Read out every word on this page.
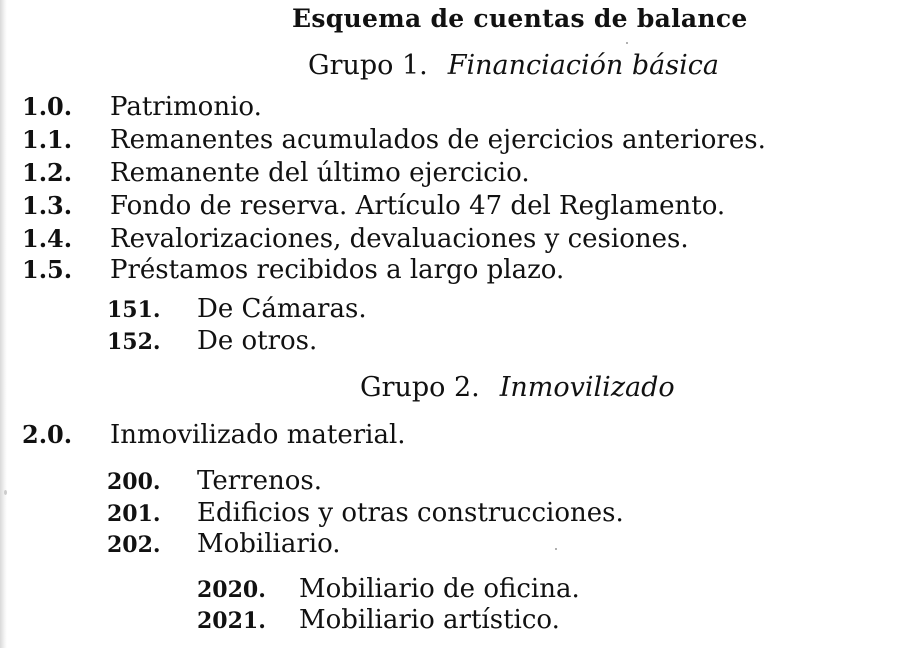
Esquema de cuentas de balance
Grupo 1. Financiación básica
1.0.	Patrimonio.
1.1.	Remanentes acumulados de ejercicios anteriores.
1.2.	Remanente del último ejercicio.
1.3.	Fondo de reserva. Artículo 47 del Reglamento.
1.4.	Revalorizaciones, devaluaciones y cesiones.
1.5.	Préstamos recibidos a largo plazo.
151.	De Cámaras.
152.	De otros.
Grupo 2. Inmovilizado
2.0.	Inmovilizado material.
200.	Terrenos.
201.	Edificios y otras construcciones.
202.	Mobiliario.
2020.	Mobiliario de oficina.
2021.	Mobiliario artístico.
